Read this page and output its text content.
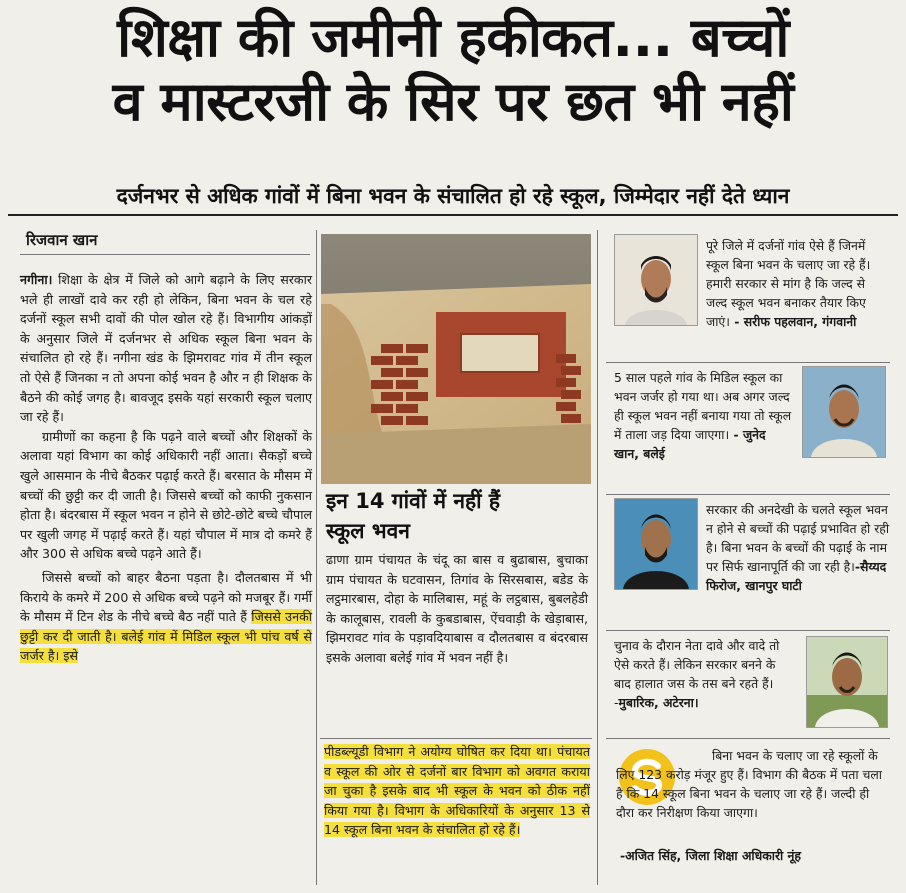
शिक्षा की जमीनी हकीकत... बच्चों
व मास्टरजी के सिर पर छत भी नहीं
दर्जनभर से अधिक गांवों में बिना भवन के संचालित हो रहे स्कूल, जिम्मेदार नहीं देते ध्यान
रिजवान खान

नगीना। शिक्षा के क्षेत्र में जिले को आगे बढ़ाने के लिए सरकार भले ही लाखों दावे कर रही हो लेकिन, बिना भवन के चल रहे दर्जनों स्कूल सभी दावों की पोल खोल रहे हैं। विभागीय आंकड़ों के अनुसार जिले में दर्जनभर से अधिक स्कूल बिना भवन के संचालित हो रहे हैं। नगीना खंड के झिमरावट गांव में तीन स्कूल तो ऐसे हैं जिनका न तो अपना कोई भवन है और न ही शिक्षक के बैठने की कोई जगह है। बावजूद इसके यहां सरकारी स्कूल चलाए जा रहे हैं।

ग्रामीणों का कहना है कि पढ़ने वाले बच्चों और शिक्षकों के अलावा यहां विभाग का कोई अधिकारी नहीं आता। सैकड़ों बच्चे खुले आसमान के नीचे बैठकर पढ़ाई करते हैं। बरसात के मौसम में बच्चों की छुट्टी कर दी जाती है। जिससे बच्चों को काफी नुकसान होता है। बंदरबास में स्कूल भवन न होने से छोटे-छोटे बच्चे चौपाल पर खुली जगह में पढ़ाई करते हैं। यहां चौपाल में मात्र दो कमरे हैं और 300 से अधिक बच्चे पढ़ने आते हैं।

जिससे बच्चों को बाहर बैठना पड़ता है। दौलतबास में भी किराये के कमरे में 200 से अधिक बच्चे पढ़ने को मजबूर हैं। गर्मी के मौसम में टिन शेड के नीचे बच्चे बैठ नहीं पाते हैं जिससे उनकी छुट्टी कर दी जाती है। बलेई गांव में मिडिल स्कूल भी पांच वर्ष से जर्जर है। इसे

इन 14 गांवों में नहीं हैं
स्कूल भवन
ढाणा ग्राम पंचायत के चंदू का बास व बुढाबास, बुचाका ग्राम पंचायत के घटवासन, तिगांव के सिरसबास, बडेड के लट्ठमारबास, दोहा के मालिबास, महूं के लट्ठबास, बुबलहेडी के कालूबास, रावली के कुबडाबास, ऐंचवाड़ी के खेड़ाबास, झिमरावट गांव के पड़ावदियाबास व दौलतबास व बंदरबास इसके अलावा बलेई गांव में भवन नहीं है।
पीडब्ल्यूडी विभाग ने अयोग्य घोषित कर दिया था। पंचायत व स्कूल की ओर से दर्जनों बार विभाग को अवगत कराया जा चुका है इसके बाद भी स्कूल के भवन को ठीक नहीं किया गया है। विभाग के अधिकारियों के अनुसार 13 से 14 स्कूल बिना भवन के संचालित हो रहे हैं।
पूरे जिले में दर्जनों गांव ऐसे हैं जिनमें स्कूल बिना भवन के चलाए जा रहे हैं। हमारी सरकार से मांग है कि जल्द से जल्द स्कूल भवन बनाकर तैयार किए जाएं। - सरीफ पहलवान, गंगवानी
5 साल पहले गांव के मिडिल स्कूल का भवन जर्जर हो गया था। अब अगर जल्द ही स्कूल भवन नहीं बनाया गया तो स्कूल में ताला जड़ दिया जाएगा। - जुनेद खान, बलेई
सरकार की अनदेखी के चलते स्कूल भवन न होने से बच्चों की पढ़ाई प्रभावित हो रही है। बिना भवन के बच्चों की पढ़ाई के नाम पर सिर्फ खानापूर्ति की जा रही है।-सैय्यद फिरोज, खानपुर घाटी
चुनाव के दौरान नेता दावे और वादे तो ऐसे करते हैं। लेकिन सरकार बनने के बाद हालात जस के तस बने रहते हैं। -मुबारिक, अटेरना।
बिना भवन के चलाए जा रहे स्कूलों के लिए 123 करोड़ मंजूर हुए हैं। विभाग की बैठक में पता चला है कि 14 स्कूल बिना भवन के चलाए जा रहे हैं। जल्दी ही दौरा कर निरीक्षण किया जाएगा।
-अजित सिंह, जिला शिक्षा अधिकारी नूंह
